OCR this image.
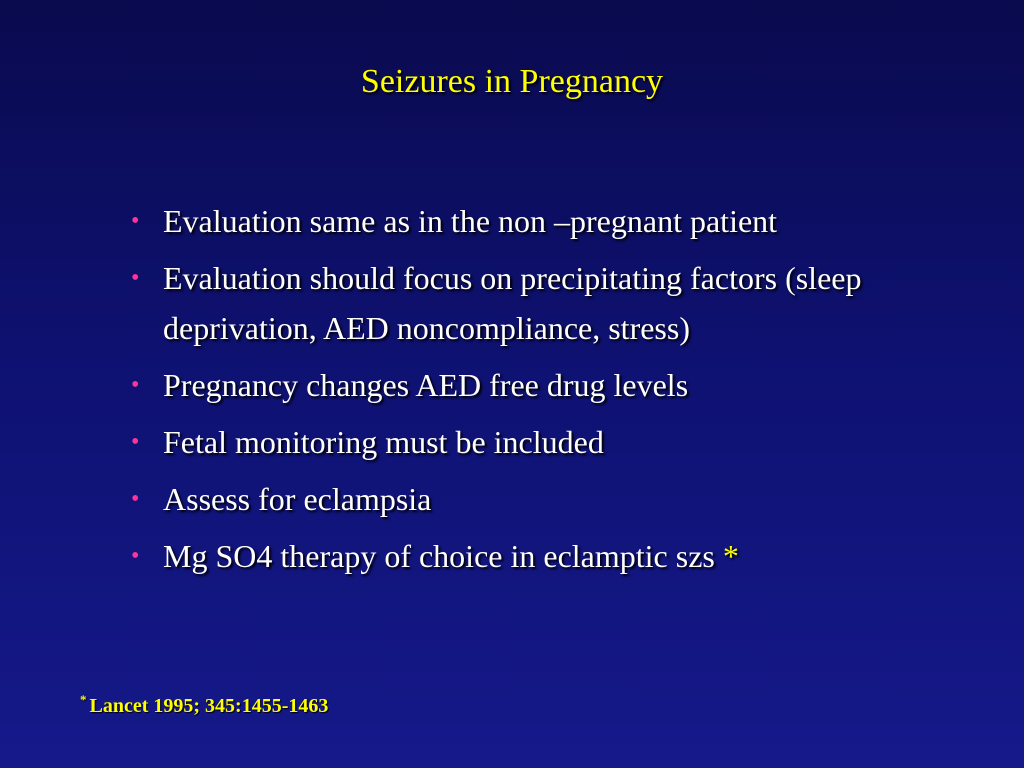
Seizures in Pregnancy
• Evaluation same as in the non –pregnant patient
• Evaluation should focus on precipitating factors (sleep deprivation, AED noncompliance, stress)
• Pregnancy changes AED free drug levels
• Fetal monitoring must be included
• Assess for eclampsia
• Mg SO4 therapy of choice in eclamptic szs *
* Lancet 1995; 345:1455-1463
